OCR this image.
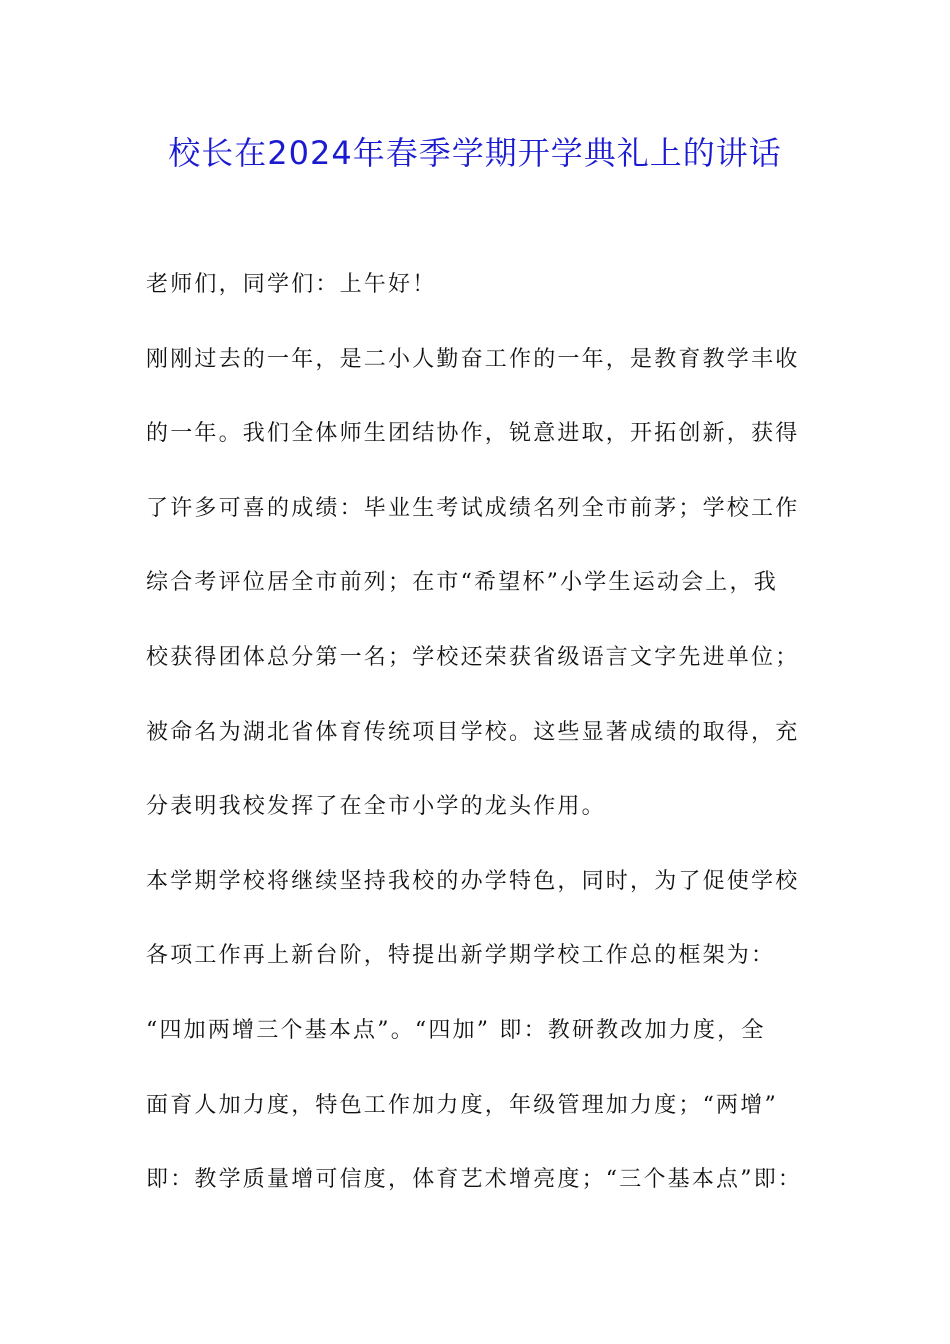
校长在2024年春季学期开学典礼上的讲话
老师们，同学们：上午好！
刚刚过去的一年，是二小人勤奋工作的一年，是教育教学丰收
的一年。我们全体师生团结协作，锐意进取，开拓创新，获得
了许多可喜的成绩：毕业生考试成绩名列全市前茅；学校工作
综合考评位居全市前列；在市“希望杯”小学生运动会上，我
校获得团体总分第一名；学校还荣获省级语言文字先进单位；
被命名为湖北省体育传统项目学校。这些显著成绩的取得，充
分表明我校发挥了在全市小学的龙头作用。
本学期学校将继续坚持我校的办学特色，同时，为了促使学校
各项工作再上新台阶，特提出新学期学校工作总的框架为：
“四加两增三个基本点”。“四加” 即：教研教改加力度，全
面育人加力度，特色工作加力度，年级管理加力度；“两增”
即：教学质量增可信度，体育艺术增亮度；“三个基本点”即：
